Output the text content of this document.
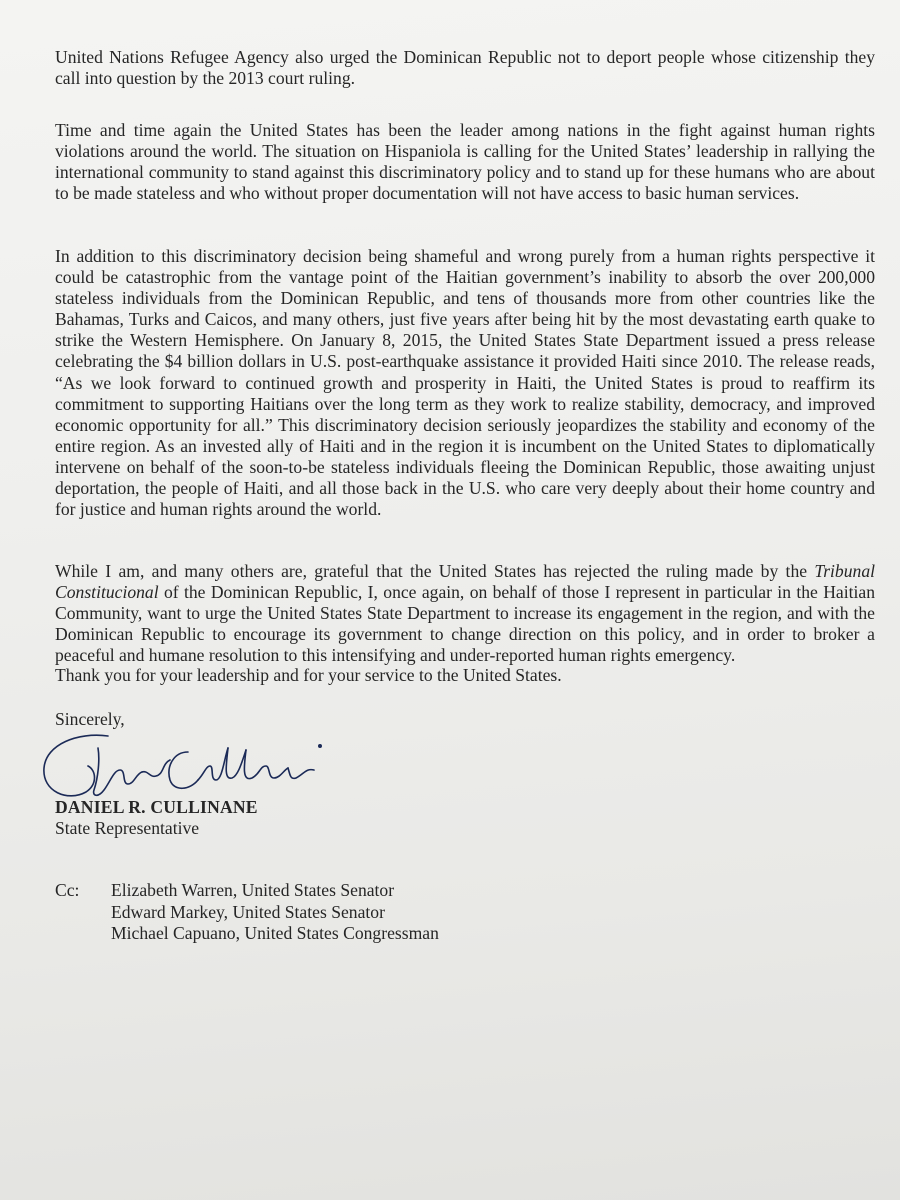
United Nations Refugee Agency also urged the Dominican Republic not to deport people whose citizenship they call into question by the 2013 court ruling.

Time and time again the United States has been the leader among nations in the fight against human rights violations around the world. The situation on Hispaniola is calling for the United States’ leadership in rallying the international community to stand against this discriminatory policy and to stand up for these humans who are about to be made stateless and who without proper documentation will not have access to basic human services.

In addition to this discriminatory decision being shameful and wrong purely from a human rights perspective it could be catastrophic from the vantage point of the Haitian government’s inability to absorb the over 200,000 stateless individuals from the Dominican Republic, and tens of thousands more from other countries like the Bahamas, Turks and Caicos, and many others, just five years after being hit by the most devastating earth quake to strike the Western Hemisphere. On January 8, 2015, the United States State Department issued a press release celebrating the $4 billion dollars in U.S. post-earthquake assistance it provided Haiti since 2010. The release reads, “As we look forward to continued growth and prosperity in Haiti, the United States is proud to reaffirm its commitment to supporting Haitians over the long term as they work to realize stability, democracy, and improved economic opportunity for all.” This discriminatory decision seriously jeopardizes the stability and economy of the entire region. As an invested ally of Haiti and in the region it is incumbent on the United States to diplomatically intervene on behalf of the soon-to-be stateless individuals fleeing the Dominican Republic, those awaiting unjust deportation, the people of Haiti, and all those back in the U.S. who care very deeply about their home country and for justice and human rights around the world.

While I am, and many others are, grateful that the United States has rejected the ruling made by the Tribunal Constitucional of the Dominican Republic, I, once again, on behalf of those I represent in particular in the Haitian Community, want to urge the United States State Department to increase its engagement in the region, and with the Dominican Republic to encourage its government to change direction on this policy, and in order to broker a peaceful and humane resolution to this intensifying and under-reported human rights emergency.

Thank you for your leadership and for your service to the United States.

Sincerely,
DANIEL R. CULLINANE
State Representative
Cc: Elizabeth Warren, United States Senator
Edward Markey, United States Senator
Michael Capuano, United States Congressman
